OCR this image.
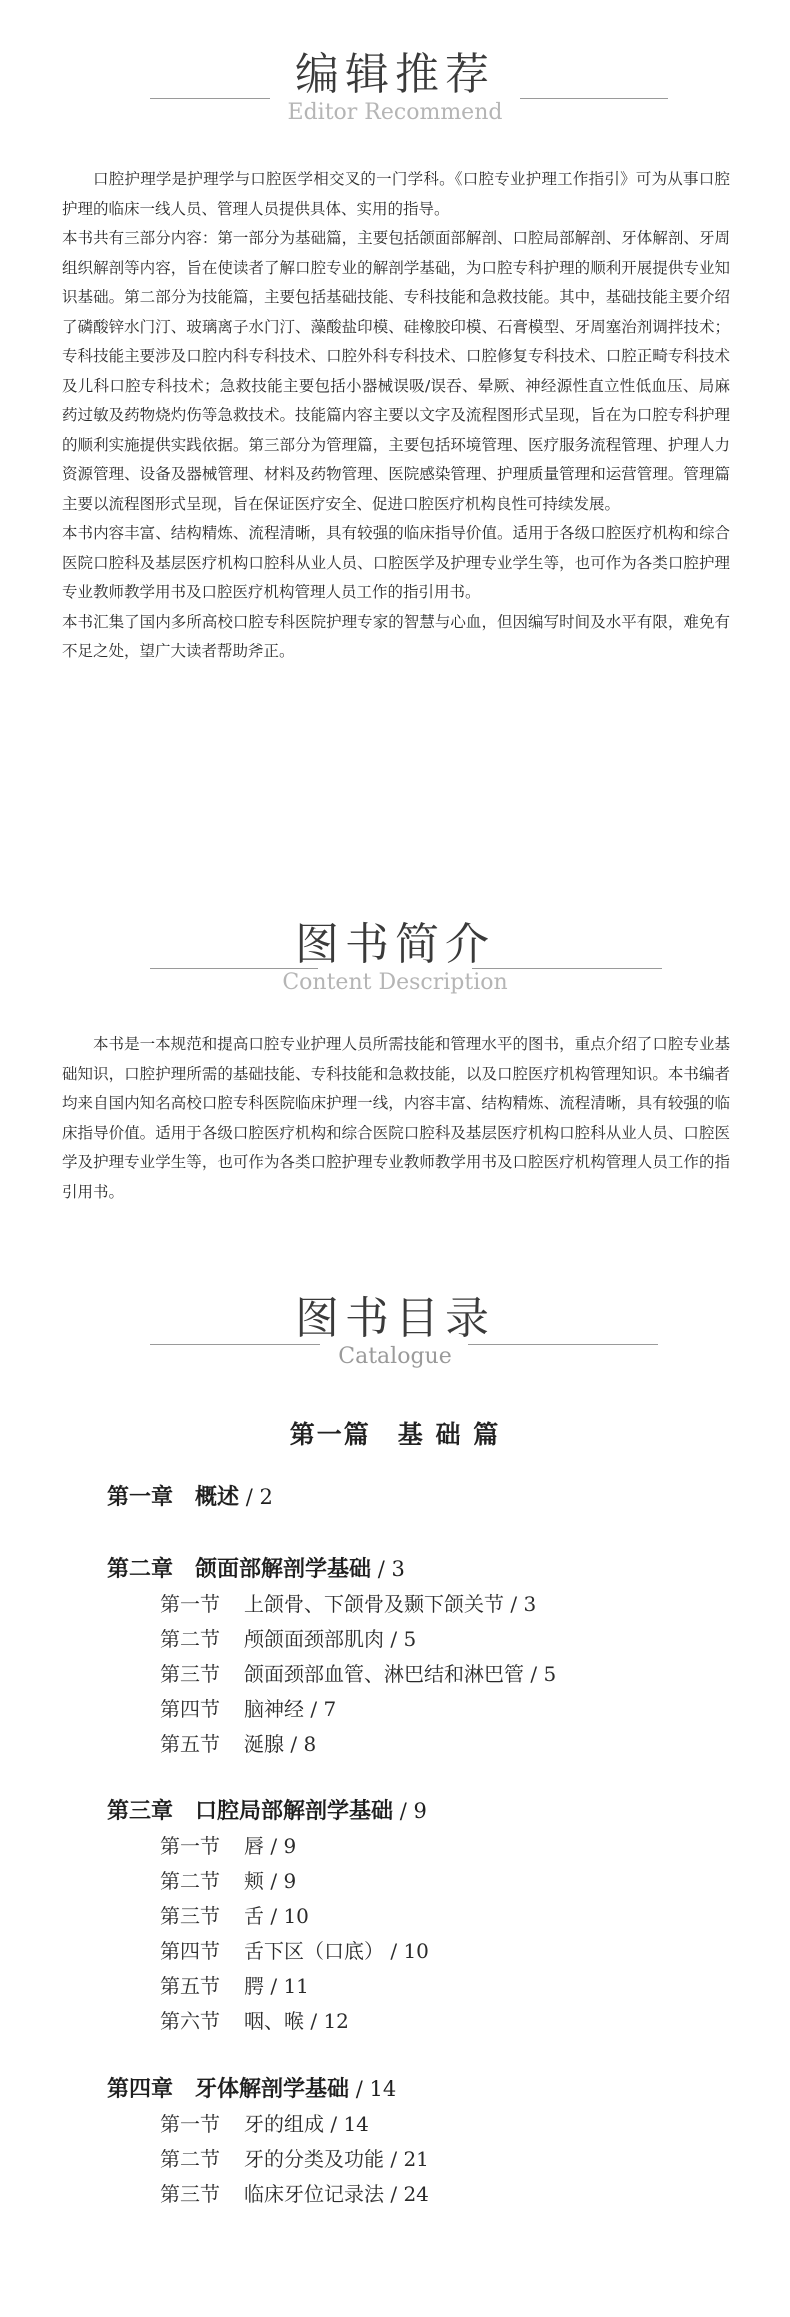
编辑推荐
Editor Recommend

口腔护理学是护理学与口腔医学相交叉的一门学科。《口腔专业护理工作指引》可为从事口腔护理的临床一线人员、管理人员提供具体、实用的指导。

本书共有三部分内容：第一部分为基础篇，主要包括颌面部解剖、口腔局部解剖、牙体解剖、牙周组织解剖等内容，旨在使读者了解口腔专业的解剖学基础，为口腔专科护理的顺利开展提供专业知识基础。第二部分为技能篇，主要包括基础技能、专科技能和急救技能。其中，基础技能主要介绍了磷酸锌水门汀、玻璃离子水门汀、藻酸盐印模、硅橡胶印模、石膏模型、牙周塞治剂调拌技术；专科技能主要涉及口腔内科专科技术、口腔外科专科技术、口腔修复专科技术、口腔正畸专科技术及儿科口腔专科技术；急救技能主要包括小器械误吸/误吞、晕厥、神经源性直立性低血压、局麻药过敏及药物烧灼伤等急救技术。技能篇内容主要以文字及流程图形式呈现，旨在为口腔专科护理的顺利实施提供实践依据。第三部分为管理篇，主要包括环境管理、医疗服务流程管理、护理人力资源管理、设备及器械管理、材料及药物管理、医院感染管理、护理质量管理和运营管理。管理篇主要以流程图形式呈现，旨在保证医疗安全、促进口腔医疗机构良性可持续发展。

本书内容丰富、结构精炼、流程清晰，具有较强的临床指导价值。适用于各级口腔医疗机构和综合医院口腔科及基层医疗机构口腔科从业人员、口腔医学及护理专业学生等，也可作为各类口腔护理专业教师教学用书及口腔医疗机构管理人员工作的指引用书。

本书汇集了国内多所高校口腔专科医院护理专家的智慧与心血，但因编写时间及水平有限，难免有不足之处，望广大读者帮助斧正。

图书简介
Content Description

本书是一本规范和提高口腔专业护理人员所需技能和管理水平的图书，重点介绍了口腔专业基础知识，口腔护理所需的基础技能、专科技能和急救技能，以及口腔医疗机构管理知识。本书编者均来自国内知名高校口腔专科医院临床护理一线，内容丰富、结构精炼、流程清晰，具有较强的临床指导价值。适用于各级口腔医疗机构和综合医院口腔科及基层医疗机构口腔科从业人员、口腔医学及护理专业学生等，也可作为各类口腔护理专业教师教学用书及口腔医疗机构管理人员工作的指引用书。

图书目录
Catalogue
第一篇　基 础 篇
第一章 概述 / 2
第二章 颌面部解剖学基础 / 3
第一节 上颌骨、下颌骨及颞下颌关节 / 3
第二节 颅颌面颈部肌肉 / 5
第三节 颌面颈部血管、淋巴结和淋巴管 / 5
第四节 脑神经 / 7
第五节 涎腺 / 8
第三章 口腔局部解剖学基础 / 9
第一节 唇 / 9
第二节 颊 / 9
第三节 舌 / 10
第四节 舌下区（口底） / 10
第五节 腭 / 11
第六节 咽、喉 / 12
第四章 牙体解剖学基础 / 14
第一节 牙的组成 / 14
第二节 牙的分类及功能 / 21
第三节 临床牙位记录法 / 24
